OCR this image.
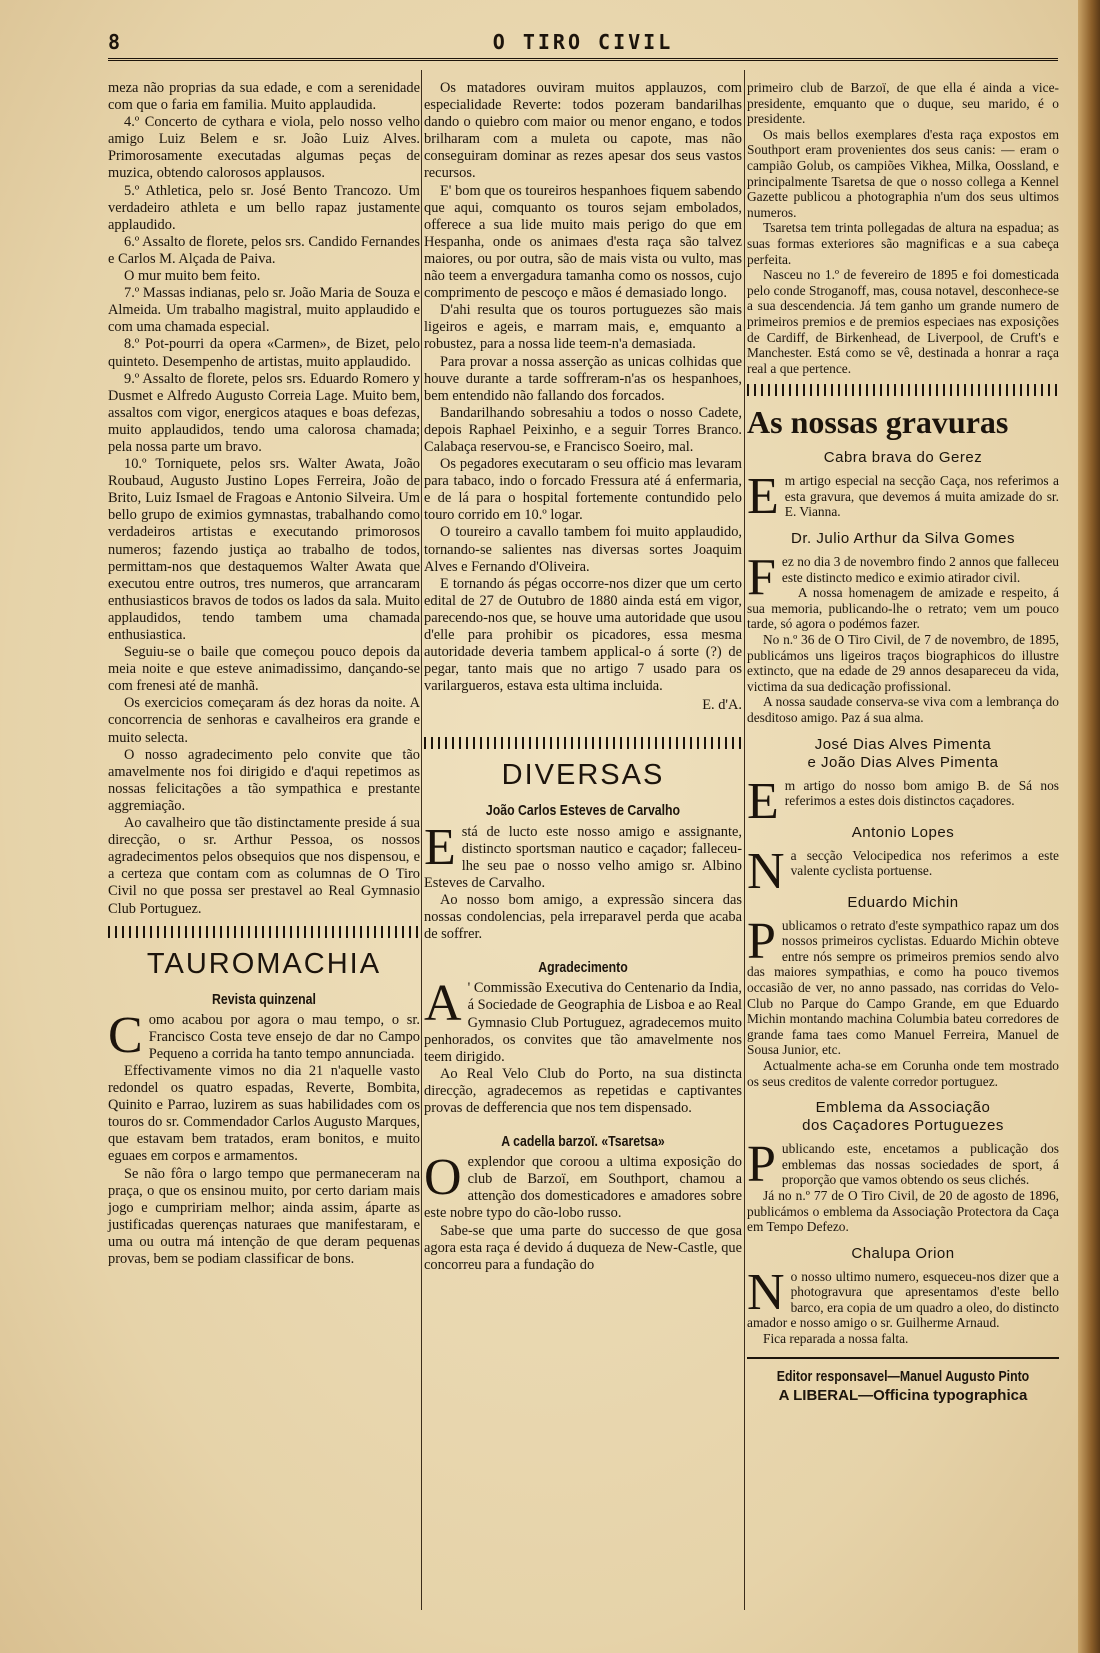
8	O TIRO CIVIL

meza não proprias da sua edade, e com a serenidade com que o faria em familia. Muito applaudida.

4.º Concerto de cythara e viola, pelo nosso velho amigo Luiz Belem e sr. João Luiz Alves. Primorosamente executadas algumas peças de muzica, obtendo calorosos applausos.

5.º Athletica, pelo sr. José Bento Trancozo. Um verdadeiro athleta e um bello rapaz justamente applaudido.

6.º Assalto de florete, pelos srs. Candido Fernandes e Carlos M. Alçada de Paiva.

O mur muito bem feito.

7.º Massas indianas, pelo sr. João Maria de Souza e Almeida. Um trabalho magistral, muito applaudido e com uma chamada especial.

8.º Pot-pourri da opera «Carmen», de Bizet, pelo quinteto. Desempenho de artistas, muito applaudido.

9.º Assalto de florete, pelos srs. Eduardo Romero y Dusmet e Alfredo Augusto Correia Lage. Muito bem, assaltos com vigor, energicos ataques e boas defezas, muito applaudidos, tendo uma calorosa chamada; pela nossa parte um bravo.

10.º Torniquete, pelos srs. Walter Awata, João Roubaud, Augusto Justino Lopes Ferreira, João de Brito, Luiz Ismael de Fragoas e Antonio Silveira. Um bello grupo de eximios gymnastas, trabalhando como verdadeiros artistas e executando primorosos numeros; fazendo justiça ao trabalho de todos, permittam-nos que destaquemos Walter Awata que executou entre outros, tres numeros, que arrancaram enthusiasticos bravos de todos os lados da sala. Muito applaudidos, tendo tambem uma chamada enthusiastica.

Seguiu-se o baile que começou pouco depois da meia noite e que esteve animadissimo, dançando-se com frenesi até de manhã.

Os exercicios começaram ás dez horas da noite. A concorrencia de senhoras e cavalheiros era grande e muito selecta.

O nosso agradecimento pelo convite que tão amavelmente nos foi dirigido e d'aqui repetimos as nossas felicitações a tão sympathica e prestante aggremiação.

Ao cavalheiro que tão distinctamente preside á sua direcção, o sr. Arthur Pessoa, os nossos agradecimentos pelos obsequios que nos dispensou, e a certeza que contam com as columnas de O Tiro Civil no que possa ser prestavel ao Real Gymnasio Club Portuguez.

TAUROMACHIA
Revista quinzenal

Como acabou por agora o mau tempo, o sr. Francisco Costa teve ensejo de dar no Campo Pequeno a corrida ha tanto tempo annunciada.

Effectivamente vimos no dia 21 n'aquelle vasto redondel os quatro espadas, Reverte, Bombita, Quinito e Parrao, luzirem as suas habilidades com os touros do sr. Commendador Carlos Augusto Marques, que estavam bem tratados, eram bonitos, e muito eguaes em corpos e armamentos.

Se não fôra o largo tempo que permaneceram na praça, o que os ensinou muito, por certo dariam mais jogo e cumpririam melhor; ainda assim, áparte as justificadas querenças naturaes que manifestaram, e uma ou outra má intenção de que deram pequenas provas, bem se podiam classificar de bons.

Os matadores ouviram muitos applauzos, com especialidade Reverte: todos pozeram bandarilhas dando o quiebro com maior ou menor engano, e todos brilharam com a muleta ou capote, mas não conseguiram dominar as rezes apesar dos seus vastos recursos.

E' bom que os toureiros hespanhoes fiquem sabendo que aqui, comquanto os touros sejam embolados, offerece a sua lide muito mais perigo do que em Hespanha, onde os animaes d'esta raça são talvez maiores, ou por outra, são de mais vista ou vulto, mas não teem a envergadura tamanha como os nossos, cujo comprimento de pescoço e mãos é demasiado longo.

D'ahi resulta que os touros portuguezes são mais ligeiros e ageis, e marram mais, e, emquanto a robustez, para a nossa lide teem-n'a demasiada.

Para provar a nossa asserção as unicas colhidas que houve durante a tarde soffreram-n'as os hespanhoes, bem entendido não fallando dos forcados.

Bandarilhando sobresahiu a todos o nosso Cadete, depois Raphael Peixinho, e a seguir Torres Branco. Calabaça reservou-se, e Francisco Soeiro, mal.

Os pegadores executaram o seu officio mas levaram para tabaco, indo o forcado Fressura até á enfermaria, e de lá para o hospital fortemente contundido pelo touro corrido em 10.º logar.

O toureiro a cavallo tambem foi muito applaudido, tornando-se salientes nas diversas sortes Joaquim Alves e Fernando d'Oliveira.

E tornando ás pégas occorre-nos dizer que um certo edital de 27 de Outubro de 1880 ainda está em vigor, parecendo-nos que, se houve uma autoridade que usou d'elle para prohibir os picadores, essa mesma autoridade deveria tambem applical-o á sorte (?) de pegar, tanto mais que no artigo 7 usado para os varilargueros, estava esta ultima incluida.

E. d'A.
DIVERSAS
João Carlos Esteves de Carvalho

Está de lucto este nosso amigo e assignante, distincto sportsman nautico e caçador; falleceu-lhe seu pae o nosso velho amigo sr. Albino Esteves de Carvalho.

Ao nosso bom amigo, a expressão sincera das nossas condolencias, pela irreparavel perda que acaba de soffrer.

Agradecimento

A ' Commissão Executiva do Centenario da India, á Sociedade de Geographia de Lisboa e ao Real Gymnasio Club Portuguez, agradecemos muito penhorados, os convites que tão amavelmente nos teem dirigido.

Ao Real Velo Club do Porto, na sua distincta direcção, agradecemos as repetidas e captivantes provas de defferencia que nos tem dispensado.

A cadella barzoï. «Tsaretsa»

O explendor que coroou a ultima exposição do club de Barzoï, em Southport, chamou a attenção dos domesticadores e amadores sobre este nobre typo do cão-lobo russo.

Sabe-se que uma parte do successo de que gosa agora esta raça é devido á duqueza de New-Castle, que concorreu para a fundação do

primeiro club de Barzoï, de que ella é ainda a vice-presidente, emquanto que o duque, seu marido, é o presidente.

Os mais bellos exemplares d'esta raça expostos em Southport eram provenientes dos seus canis: — eram o campião Golub, os campiões Vikhea, Milka, Oossland, e principalmente Tsaretsa de que o nosso collega a Kennel Gazette publicou a photographia n'um dos seus ultimos numeros.

Tsaretsa tem trinta pollegadas de altura na espadua; as suas formas exteriores são magnificas e a sua cabeça perfeita.

Nasceu no 1.º de fevereiro de 1895 e foi domesticada pelo conde Stroganoff, mas, cousa notavel, desconhece-se a sua descendencia. Já tem ganho um grande numero de primeiros premios e de premios especiaes nas exposições de Cardiff, de Birkenhead, de Liverpool, de Cruft's e Manchester. Está como se vê, destinada a honrar a raça real a que pertence.

As nossas gravuras
Cabra brava do Gerez

Em artigo especial na secção Caça, nos referimos a esta gravura, que devemos á muita amizade do sr. E. Vianna.

Dr. Julio Arthur da Silva Gomes

Fez no dia 3 de novembro findo 2 annos que falleceu este distincto medico e eximio atirador civil.

A nossa homenagem de amizade e respeito, á sua memoria, publicando-lhe o retrato; vem um pouco tarde, só agora o podémos fazer.

No n.º 36 de O Tiro Civil, de 7 de novembro, de 1895, publicámos uns ligeiros traços biographicos do illustre extincto, que na edade de 29 annos desapareceu da vida, victima da sua dedicação profissional.

A nossa saudade conserva-se viva com a lembrança do desditoso amigo. Paz á sua alma.

José Dias Alves Pimenta
e João Dias Alves Pimenta

Em artigo do nosso bom amigo B. de Sá nos referimos a estes dois distinctos caçadores.

Antonio Lopes

Na secção Velocipedica nos referimos a este valente cyclista portuense.

Eduardo Michin

Publicamos o retrato d'este sympathico rapaz um dos nossos primeiros cyclistas. Eduardo Michin obteve entre nós sempre os primeiros premios sendo alvo das maiores sympathias, e como ha pouco tivemos occasião de ver, no anno passado, nas corridas do Velo-Club no Parque do Campo Grande, em que Eduardo Michin montando machina Columbia bateu corredores de grande fama taes como Manuel Ferreira, Manuel de Sousa Junior, etc.

Actualmente acha-se em Corunha onde tem mostrado os seus creditos de valente corredor portuguez.

Emblema da Associação
dos Caçadores Portuguezes

Publicando este, encetamos a publicação dos emblemas das nossas sociedades de sport, á proporção que vamos obtendo os seus clichés.

Já no n.º 77 de O Tiro Civil, de 20 de agosto de 1896, publicámos o emblema da Associação Protectora da Caça em Tempo Defezo.

Chalupa Orion

No nosso ultimo numero, esqueceu-nos dizer que a photogravura que apresentamos d'este bello barco, era copia de um quadro a oleo, do distincto amador e nosso amigo o sr. Guilherme Arnaud.

Fica reparada a nossa falta.

Editor responsavel—Manuel Augusto Pinto
A LIBERAL—Officina typographica
